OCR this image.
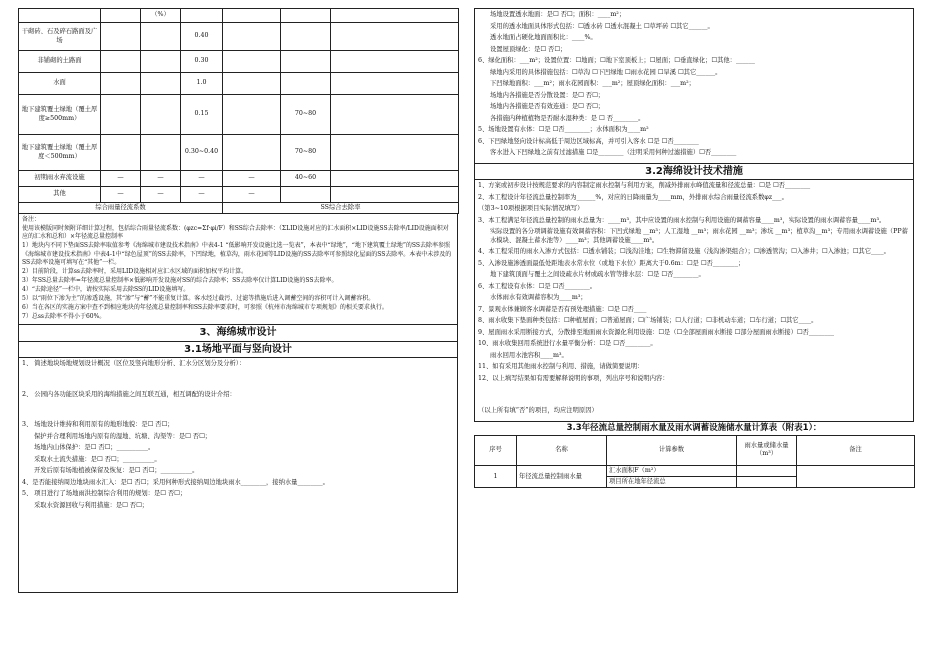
		（%）				
干砌砖、石及碎石路面及广场			0.40			
非铺砌的土路面			0.30			
水面			1.0			
地下建筑覆土绿地（覆土厚度≥500mm）			0.15		70~80	
地下建筑覆土绿地（覆土厚度＜500mm）			0.30~0.40		70~80	
初期雨水弃流设施	—	—	—	—	40~60	
其他	—	—	—	—		
综合雨量径流系数				SS综合去除率		

备注：

使用该模版同时须附详细计算过程，包括综合雨量径流系数：(φzc=Σf·φi/F）和SS综合去除率：（ΣLID设施对应的汇水面积×LID设施SS去除率/LID设施面积对应的汇水和总和）×年径流总量控制率

1）地块内不同下垫面SS去除率取值参考《海绵城市建设技术指南》中表4-1 “低影响开发设施比选一览表”，本表中“绿地”，“地下建筑覆土绿地”的SS去除率参照《海绵城市建设技术指南》中表4-1中“绿色屋顶”的SS去除率，下凹绿地，植草沟，雨水花园等LID设施的SS去除率可参照绿化屋面的SS去除率。本表中未涉及的SS去除率设施可填写在“其他”一栏。

2）目前阶段，计算ss去除率时，采用LID设施相对应汇水区域的面积加权平均计算。

3）年SS总量去除率=年径流总量控制率×低影响开发设施对SS的综合去除率；SS去除率仅计算LID设施的SS去除率。

4）“去除途径”一栏中，请按实际采用去除SS的LID设施填写。

5）以“雨位下渗为主”的渗透设施，其“渗”与“蓄”不能重复计算。客水经过截污、过滤等措施后进入调蓄空间的容积可计入调蓄容积。

6）当在各区的实施方案中查不到相应地块的年径流总量控制率和SS去除率要求时，可参照《杭州市海绵城市专项规划》的相关要求执行。

7）总ss去除率不得小于60%。

3、海绵城市设计
3.1场地平面与竖向设计

1、 简述地块场地规划设计概况（区位及竖向地形分析、汇水分区划分及分析）：

2、 公园内各功能区块采用的海绵措施之间互联互通，相互调配的设计介绍：

3、 场地设计维持和利用原有的地形地貌：是☐ 否☐；

保护并合理利用场地内原有的湿地、坑塘、沟渠等：是☐ 否☐；

场地内山体保护：是☐ 否☐；__________。

采取水土流失措施：是☐ 否☐；__________。

开发后原有场地植被保留及恢复：是☐ 否☐；__________。

4、是否能接纳周边地块雨水汇入：是☐ 否☐；采用何种形式接纳周边地块雨水________，接纳水量________。

5、 项目进行了场地雨洪控制综合利用的规划：是☐ 否☐；

采取水资源回收与利用措施：是☐ 否☐；

场地设置透水地面：是☐ 否☐；面积：____m²；

采用的透水地面具体形式包括：☐透水砖 ☐透水混凝土 ☐草坪砖 ☐其它______。

透水地面占硬化地面面积比：____%。

设置屋顶绿化：是☐ 否☐；

6、绿化面积：___m²；设置位置：☐地面；☐地下室顶板上；☐屋面；☐垂直绿化；☐其他：______

绿地内采用的具体措施包括：☐草沟 ☐下凹绿地 ☐雨水花园 ☐旱溪 ☐其它______。

下凹绿地面积：___m²；雨水花园面积：___m²；屋顶绿化面积：___m²；

场地内各措施是否分散设置：是☐ 否☐；

场地内各措施是否有效连通：是☐ 否☐；

各措施内种植植物是否耐水湿种类：是 ☐ 否________。

5、场地设置有水体：☐是 ☐否________；水体面积为____m²

6、下凹绿地竖向设计标高低于周边区域标高，并可引入客水 ☐是 ☐否________

客水进入下凹绿地之前有过滤措施 ☐是________（注明采用何种过滤措施）☐否________

3.2海绵设计技术措施

1、方案或初步设计按规范要求的内容制定雨水控制与利用方案，削减外排雨水峰值流量和径流总量：☐是 ☐否________

2、本工程设计年径流总量控制率为______%，对应的日降雨量为____mm，外排雨水综合雨量径流系数φz___。

（第3~10项根据项目实际情况填写）

3、本工程满足年径流总量控制的雨水总量为：____m³，其中应设置的雨水控制与利用设施的调蓄容量____m³，实际设置的雨水调蓄容量____m³。

实际设置的各分项调蓄设施有效调蓄容积：下凹式绿地 __m³；人工湿地 __m³；雨水花园 __m³；渗坑 __m³；植草沟__m³；专用雨水调蓄设施（PP蓄水模块、混凝土蓄水池等）____m³；其他调蓄设施____m³。

4、本工程采用的雨水入渗方式包括：☐透水铺装；☐浅沟洼地；☐生物滞留设施（浅沟渗渠组合）；☐渗透管沟；☐入渗井；☐入渗池；☐其它____。

5、入渗设施渗透面最低处距地表水常水位（或地下水位）距离大于0.6m：☐是 ☐否________；

地下建筑顶面与覆土之间设疏水片材或疏水管等排水层：☐是 ☐否________。

6、本工程设有水体：☐是 ☐否________。

水体雨水有效调蓄容积为____m³；

7、景观水体兼顾客水调蓄是否有预处理措施：☐是 ☐否____

8、雨水收集下垫面种类包括：☐种植屋面；☐普通屋面；☐广场铺装；☐人行道；☐非机动车道；☐车行道；☐其它____。

9、屋面雨水采用断接方式，分散排至地面雨水资源化利用设施：☐是（☐全部屋面雨水断接 ☐部分屋面雨水断接）☐否________

10、雨水收集回用系统进行水量平衡分析：☐是 ☐否________。

雨水回用水池容积____m³。

11、如有采用其他雨水控制与利用、措施，请做简要说明：

12、以上填写结果如有需要解释说明的事项，列出序号和说明内容：

（以上所有填“否”的项目，均应注明原因）

3.3年径流总量控制雨水量及雨水调蓄设施储水量计算表（附表1）：
序号	名称	计算参数	雨水量或储水量（m³）	备注
1	年径流总量控制雨水量	汇水面积F（m²）		
		项目所在地年径流总		
